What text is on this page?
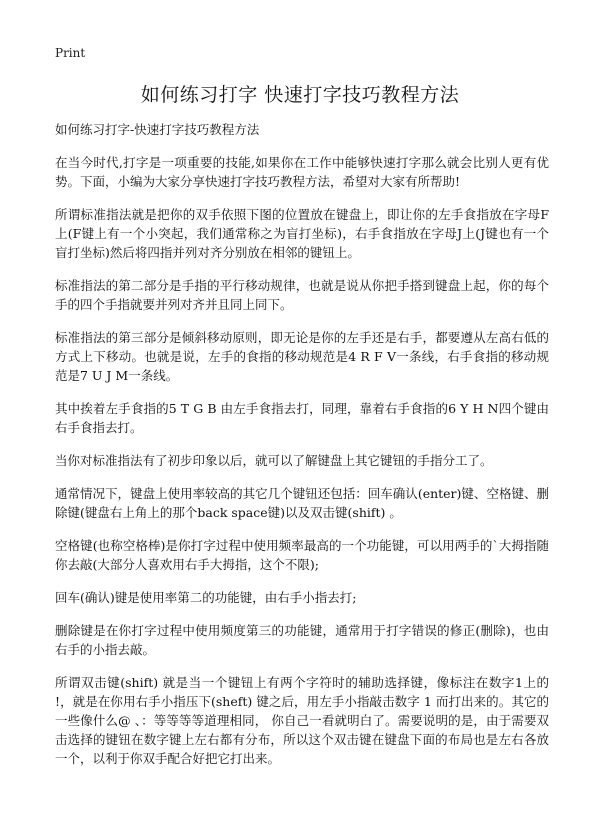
Print
如何练习打字 快速打字技巧教程方法

如何练习打字-快速打字技巧教程方法

在当今时代,打字是一项重要的技能,如果你在工作中能够快速打字那么就会比别人更有优势。下面，小编为大家分享快速打字技巧教程方法，希望对大家有所帮助!

所谓标准指法就是把你的双手依照下图的位置放在键盘上，即让你的左手食指放在字母F上(F键上有一个小突起，我们通常称之为盲打坐标)，右手食指放在字母J上(J键也有一个盲打坐标)然后将四指并列对齐分别放在相邻的键钮上。

标准指法的第二部分是手指的平行移动规律，也就是说从你把手搭到键盘上起，你的每个手的四个手指就要并列对齐并且同上同下。

标准指法的第三部分是倾斜移动原则，即无论是你的左手还是右手，都要遵从左高右低的方式上下移动。也就是说，左手的食指的移动规范是4 R F V一条线，右手食指的移动规范是7 U J M一条线。

其中挨着左手食指的5 T G B 由左手食指去打，同理，靠着右手食指的6 Y H N四个键由右手食指去打。

当你对标准指法有了初步印象以后，就可以了解键盘上其它键钮的手指分工了。

通常情况下，键盘上使用率较高的其它几个键钮还包括：回车确认(enter)键、空格键、删除键(键盘右上角上的那个back space键)以及双击键(shift) 。

空格键(也称空格棒)是你打字过程中使用频率最高的一个功能键，可以用两手的`大拇指随你去敲(大部分人喜欢用右手大拇指，这个不限);

回车(确认)键是使用率第二的功能键，由右手小指去打;

删除键是在你打字过程中使用频度第三的功能键，通常用于打字错误的修正(删除)，也由右手的小指去敲。

所谓双击键(shift) 就是当一个键钮上有两个字符时的辅助选择键，像标注在数字1上的 !，就是在你用右手小指压下(sheft) 键之后，用左手小指敲击数字 1 而打出来的。其它的一些像什么@ 、：等等等等道理相同， 你自己一看就明白了。需要说明的是，由于需要双击选择的键钮在数字键上左右都有分布，所以这个双击键在键盘下面的布局也是左右各放一个，以利于你双手配合好把它打出来。
